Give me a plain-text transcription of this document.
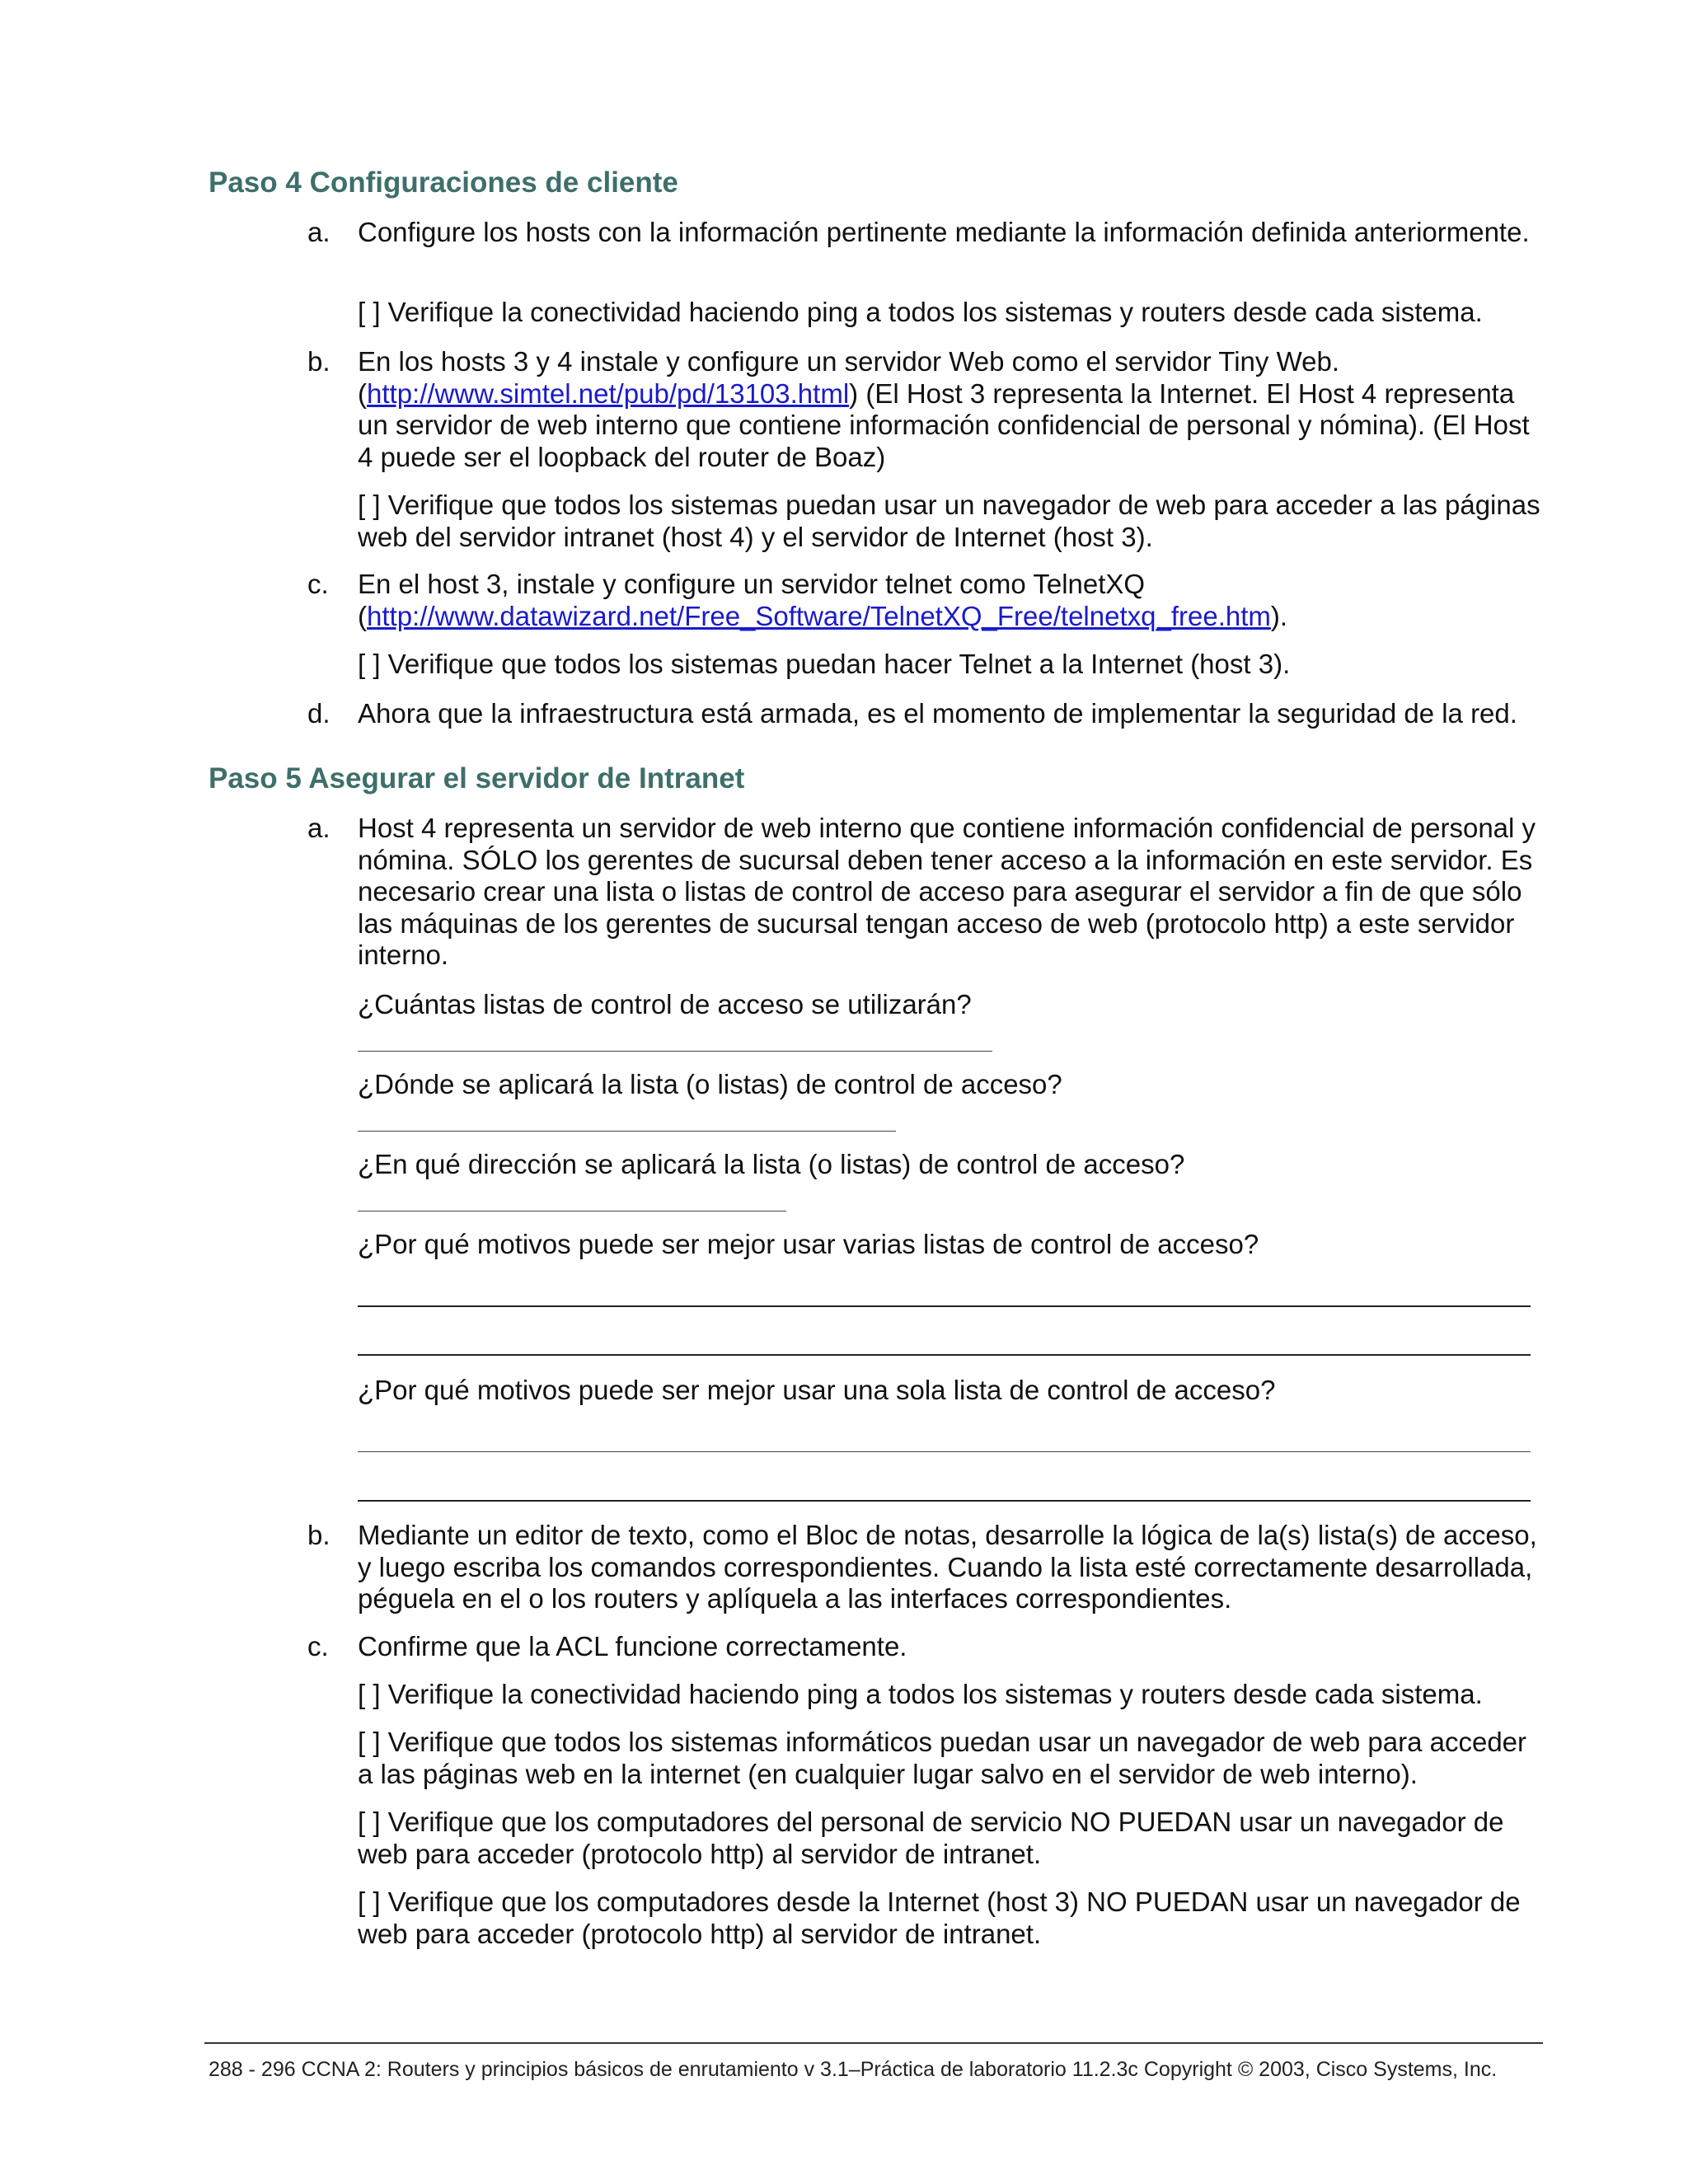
Paso 4 Configuraciones de cliente
a.	Configure los hosts con la información pertinente mediante la información definida anteriormente.
[ ] Verifique la conectividad haciendo ping a todos los sistemas y routers desde cada sistema.
b.	En los hosts 3 y 4 instale y configure un servidor Web como el servidor Tiny Web.
(http://www.simtel.net/pub/pd/13103.html) (El Host 3 representa la Internet. El Host 4 representa un servidor de web interno que contiene información confidencial de personal y nómina). (El Host 4 puede ser el loopback del router de Boaz)
[ ] Verifique que todos los sistemas puedan usar un navegador de web para acceder a las páginas web del servidor intranet (host 4) y el servidor de Internet (host 3).
c.	En el host 3, instale y configure un servidor telnet como TelnetXQ
(http://www.datawizard.net/Free_Software/TelnetXQ_Free/telnetxq_free.htm).
[ ] Verifique que todos los sistemas puedan hacer Telnet a la Internet (host 3).
d.	Ahora que la infraestructura está armada, es el momento de implementar la seguridad de la red.
Paso 5 Asegurar el servidor de Intranet
a.	Host 4 representa un servidor de web interno que contiene información confidencial de personal y nómina. SÓLO los gerentes de sucursal deben tener acceso a la información en este servidor. Es necesario crear una lista o listas de control de acceso para asegurar el servidor a fin de que sólo las máquinas de los gerentes de sucursal tengan acceso de web (protocolo http) a este servidor interno.
¿Cuántas listas de control de acceso se utilizarán?
¿Dónde se aplicará la lista (o listas) de control de acceso?
¿En qué dirección se aplicará la lista (o listas) de control de acceso?
¿Por qué motivos puede ser mejor usar varias listas de control de acceso?
¿Por qué motivos puede ser mejor usar una sola lista de control de acceso?
b.	Mediante un editor de texto, como el Bloc de notas, desarrolle la lógica de la(s) lista(s) de acceso, y luego escriba los comandos correspondientes. Cuando la lista esté correctamente desarrollada, péguela en el o los routers y aplíquela a las interfaces correspondientes.
c.	Confirme que la ACL funcione correctamente.
[ ] Verifique la conectividad haciendo ping a todos los sistemas y routers desde cada sistema.
[ ] Verifique que todos los sistemas informáticos puedan usar un navegador de web para acceder a las páginas web en la internet (en cualquier lugar salvo en el servidor de web interno).
[ ] Verifique que los computadores del personal de servicio NO PUEDAN usar un navegador de web para acceder (protocolo http) al servidor de intranet.
[ ] Verifique que los computadores desde la Internet (host 3) NO PUEDAN usar un navegador de web para acceder (protocolo http) al servidor de intranet.
288 - 296 CCNA 2: Routers y principios básicos de enrutamiento v 3.1–Práctica de laboratorio 11.2.3c Copyright © 2003, Cisco Systems, Inc.
